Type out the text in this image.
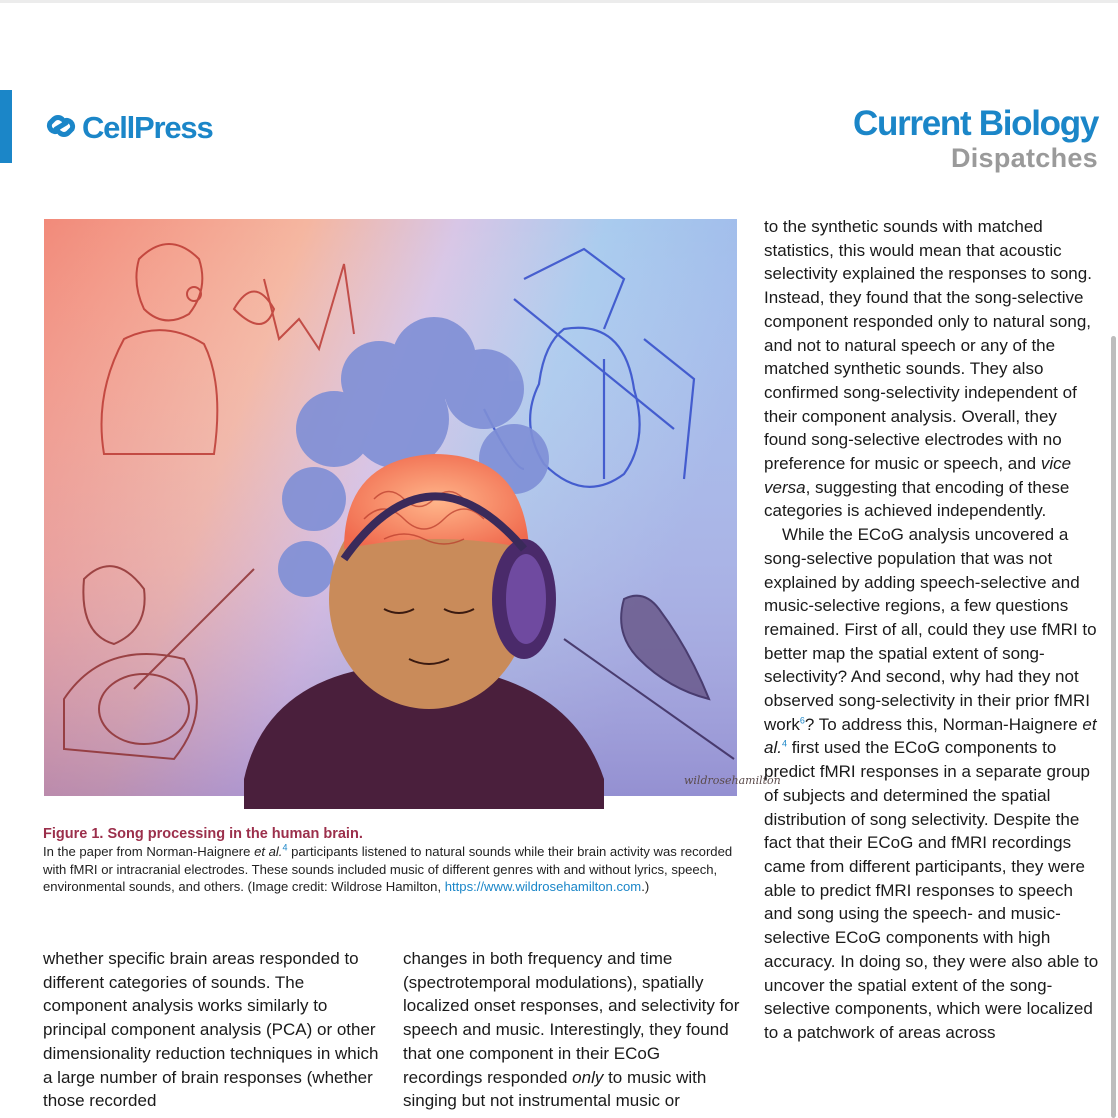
CellPress	Current Biology
Dispatches
wildrosehamilton
Figure 1. Song processing in the human brain.
In the paper from Norman-Haignere et al.$^4$ participants listened to natural sounds while their brain activity was recorded with fMRI or intracranial electrodes. These sounds included music of different genres with and without lyrics, speech, environmental sounds, and others. (Image credit: Wildrose Hamilton, https://www.wildrosehamilton.com.)

to the synthetic sounds with matched statistics, this would mean that acoustic selectivity explained the responses to song. Instead, they found that the song-selective component responded only to natural song, and not to natural speech or any of the matched synthetic sounds. They also confirmed song-selectivity independent of their component analysis. Overall, they found song-selective electrodes with no preference for music or speech, and vice versa, suggesting that encoding of these categories is achieved independently.

While the ECoG analysis uncovered a song-selective population that was not explained by adding speech-selective and music-selective regions, a few questions remained. First of all, could they use fMRI to better map the spatial extent of song-selectivity? And second, why had they not observed song-selectivity in their prior fMRI work$^6$? To address this, Norman-Haignere et al.$^4$ first used the ECoG components to predict fMRI responses in a separate group of subjects and determined the spatial distribution of song selectivity. Despite the fact that their ECoG and fMRI recordings came from different participants, they were able to predict fMRI responses to speech and song using the speech- and music-selective ECoG components with high accuracy. In doing so, they were also able to uncover the spatial extent of the song-selective components, which were localized to a patchwork of areas across

whether specific brain areas responded to different categories of sounds. The component analysis works similarly to principal component analysis (PCA) or other dimensionality reduction techniques in which a large number of brain responses (whether those recorded

changes in both frequency and time (spectrotemporal modulations), spatially localized onset responses, and selectivity for speech and music. Interestingly, they found that one component in their ECoG recordings responded only to music with singing but not instrumental music or
